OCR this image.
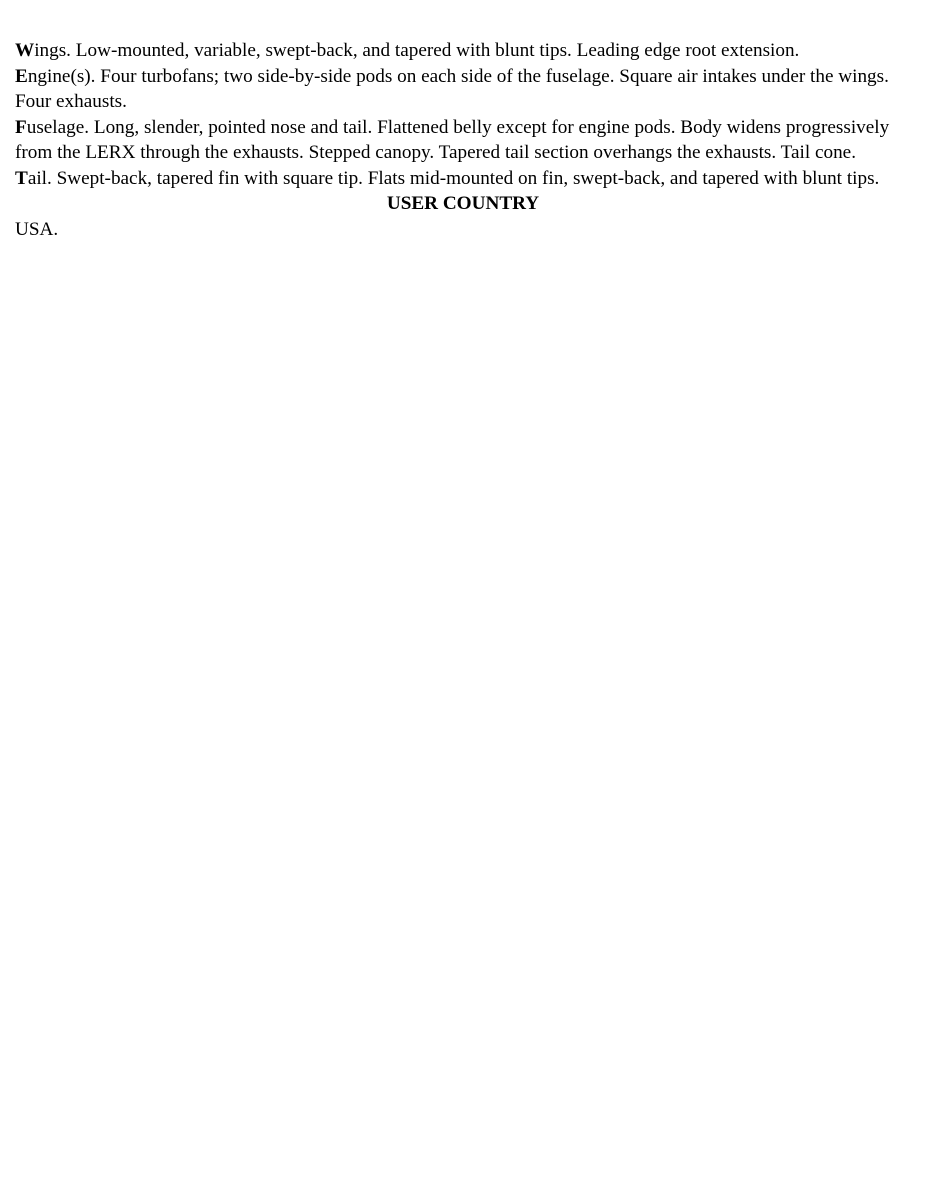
Wings. Low-mounted, variable, swept-back, and tapered with blunt tips. Leading edge root extension.

Engine(s). Four turbofans; two side-by-side pods on each side of the fuselage. Square air intakes under the wings. Four exhausts.

Fuselage. Long, slender, pointed nose and tail. Flattened belly except for engine pods. Body widens progressively from the LERX through the exhausts. Stepped canopy. Tapered tail section overhangs the exhausts. Tail cone.

Tail. Swept-back, tapered fin with square tip. Flats mid-mounted on fin, swept-back, and tapered with blunt tips.

USER COUNTRY

USA.
